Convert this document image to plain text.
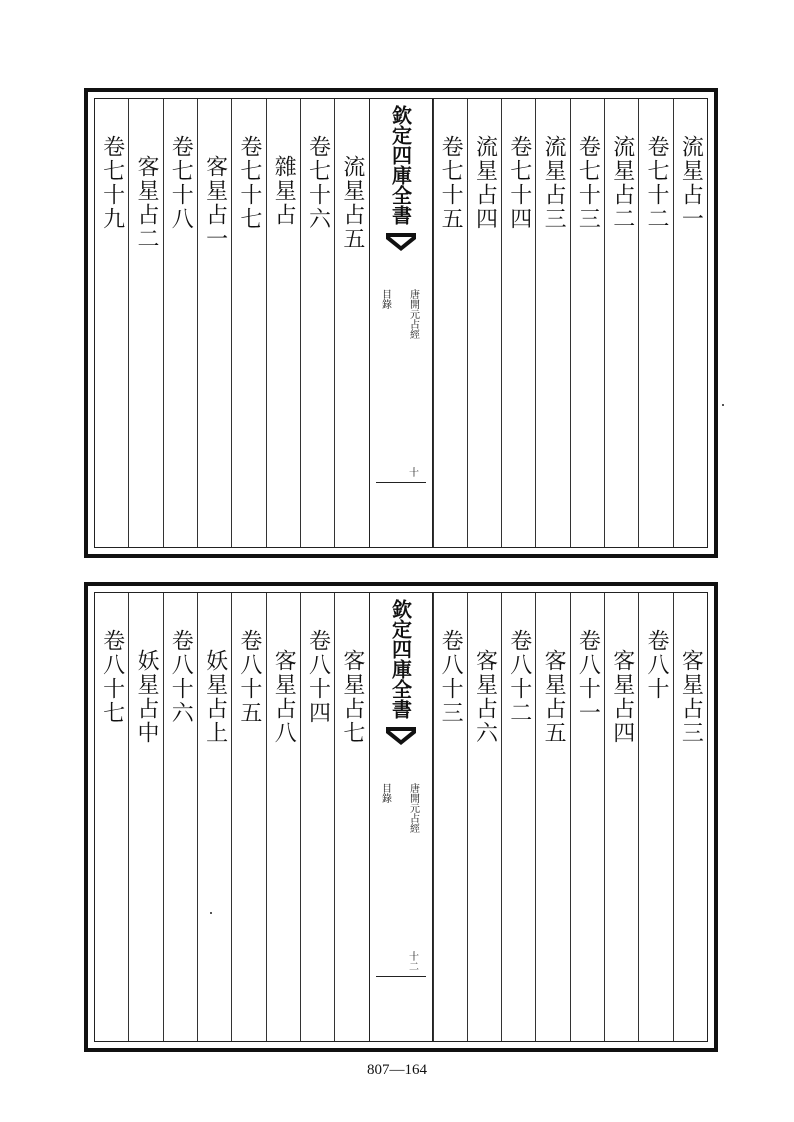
流星占一
卷七十二
流星占二
卷七十三
流星占三
卷七十四
流星占四
卷七十五
欽定四庫全書
唐開元占經
目錄
十
流星占五
卷七十六
雜星占
卷七十七
客星占一
卷七十八
客星占二
卷七十九
客星占三
卷八十
客星占四
卷八十一
客星占五
卷八十二
客星占六
卷八十三
欽定四庫全書
唐開元占經
目錄
十二
客星占七
卷八十四
客星占八
卷八十五
妖星占上
卷八十六
妖星占中
卷八十七
807—164
